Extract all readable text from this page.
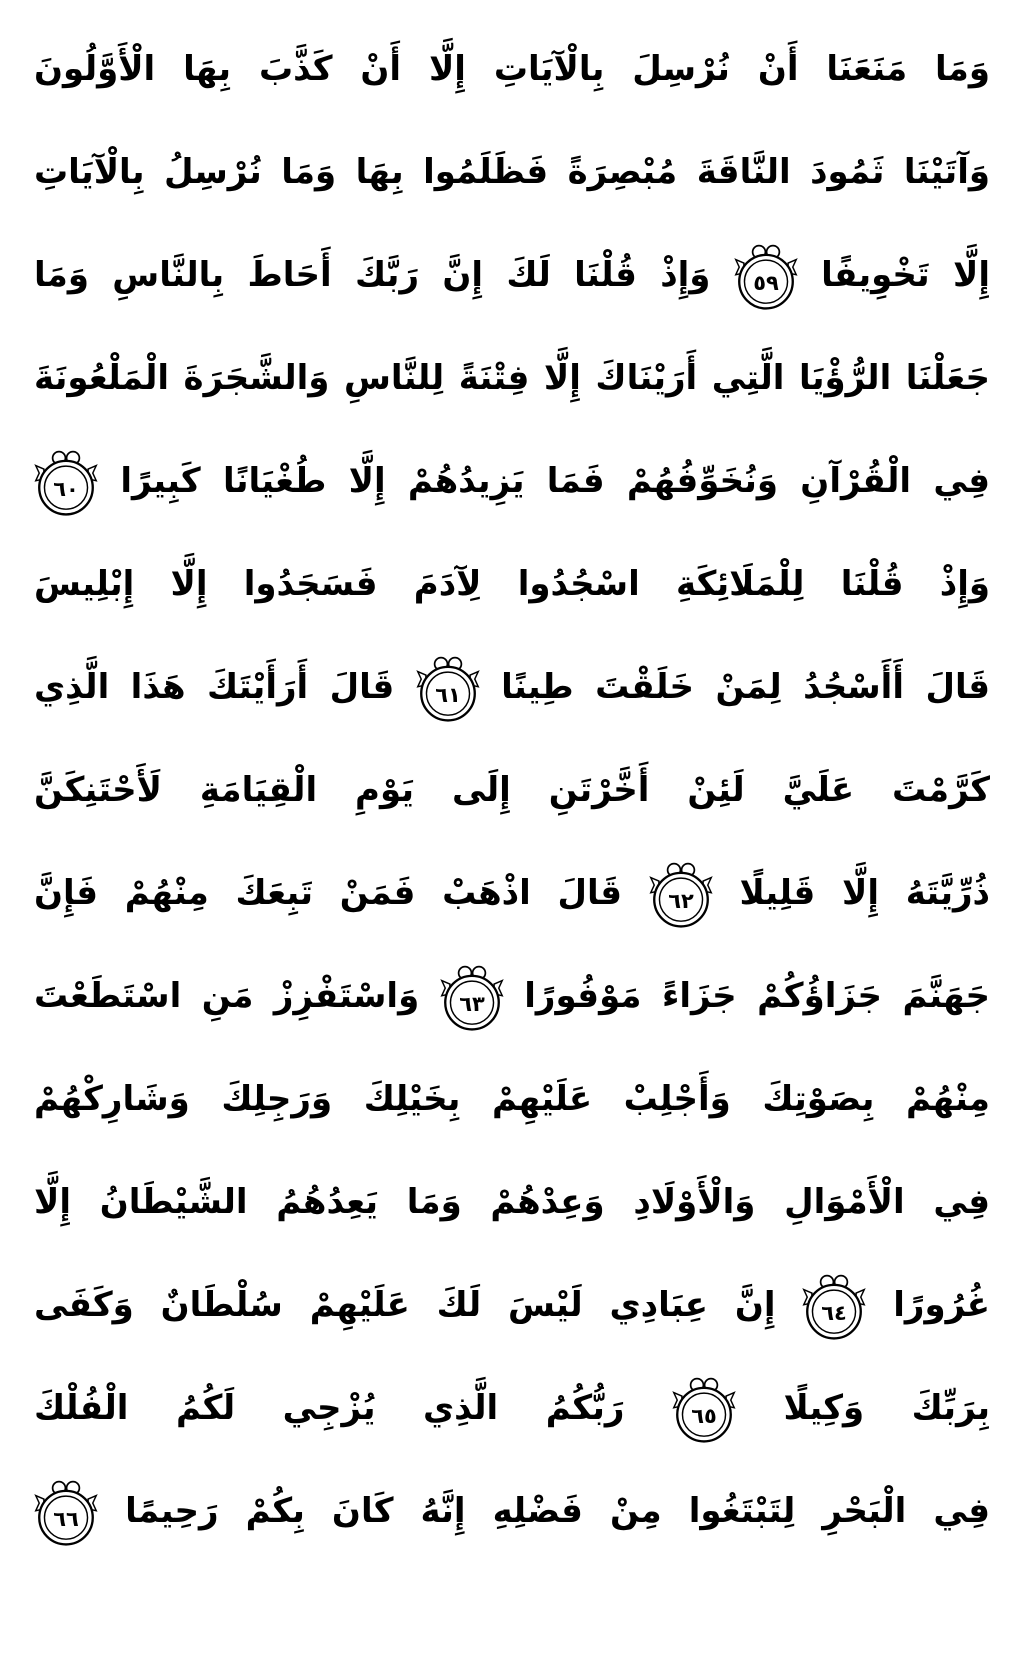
وَمَا مَنَعَنَا أَنْ نُرْسِلَ بِالْآيَاتِ إِلَّا أَنْ كَذَّبَ بِهَا الْأَوَّلُونَ
وَآتَيْنَا ثَمُودَ النَّاقَةَ مُبْصِرَةً فَظَلَمُوا بِهَا وَمَا نُرْسِلُ بِالْآيَاتِ
إِلَّا تَخْوِيفًا
٥٩
وَإِذْ قُلْنَا لَكَ إِنَّ رَبَّكَ أَحَاطَ بِالنَّاسِ وَمَا
جَعَلْنَا الرُّؤْيَا الَّتِي أَرَيْنَاكَ إِلَّا فِتْنَةً لِلنَّاسِ وَالشَّجَرَةَ الْمَلْعُونَةَ
فِي الْقُرْآنِ وَنُخَوِّفُهُمْ فَمَا يَزِيدُهُمْ إِلَّا طُغْيَانًا كَبِيرًا
٦٠
وَإِذْ قُلْنَا لِلْمَلَائِكَةِ اسْجُدُوا لِآدَمَ فَسَجَدُوا إِلَّا إِبْلِيسَ
قَالَ أَأَسْجُدُ لِمَنْ خَلَقْتَ طِينًا
٦١
قَالَ أَرَأَيْتَكَ هَذَا الَّذِي
كَرَّمْتَ عَلَيَّ لَئِنْ أَخَّرْتَنِ إِلَى يَوْمِ الْقِيَامَةِ لَأَحْتَنِكَنَّ
ذُرِّيَّتَهُ إِلَّا قَلِيلًا
٦٢
قَالَ اذْهَبْ فَمَنْ تَبِعَكَ مِنْهُمْ فَإِنَّ
جَهَنَّمَ جَزَاؤُكُمْ جَزَاءً مَوْفُورًا
٦٣
وَاسْتَفْزِزْ مَنِ اسْتَطَعْتَ
مِنْهُمْ بِصَوْتِكَ وَأَجْلِبْ عَلَيْهِمْ بِخَيْلِكَ وَرَجِلِكَ وَشَارِكْهُمْ
فِي الْأَمْوَالِ وَالْأَوْلَادِ وَعِدْهُمْ وَمَا يَعِدُهُمُ الشَّيْطَانُ إِلَّا
غُرُورًا
٦٤
إِنَّ عِبَادِي لَيْسَ لَكَ عَلَيْهِمْ سُلْطَانٌ وَكَفَى
بِرَبِّكَ وَكِيلًا
٦٥
رَبُّكُمُ الَّذِي يُزْجِي لَكُمُ الْفُلْكَ
فِي الْبَحْرِ لِتَبْتَغُوا مِنْ فَضْلِهِ إِنَّهُ كَانَ بِكُمْ رَحِيمًا
٦٦
